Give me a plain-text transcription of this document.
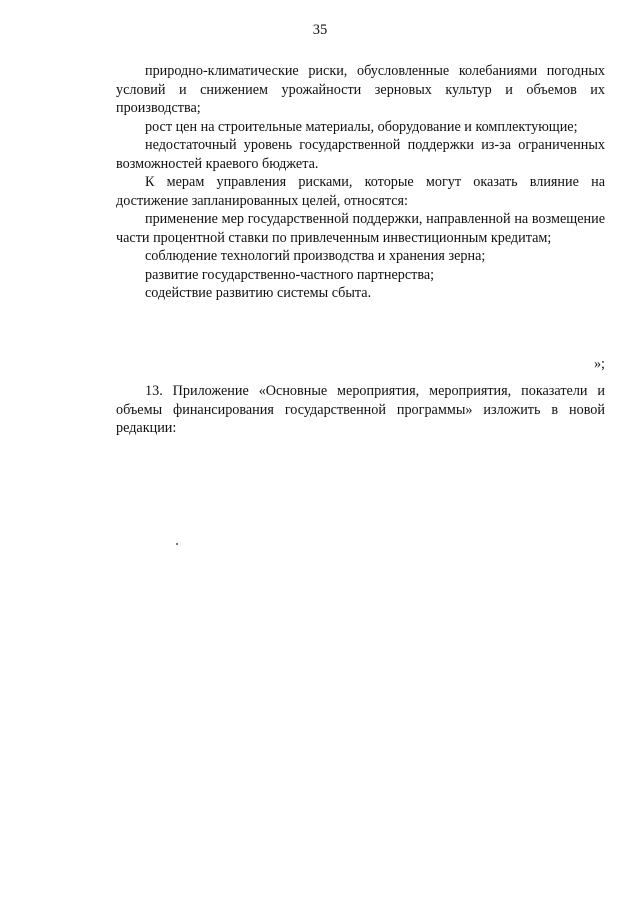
35

природно-климатические риски, обусловленные колебаниями погодных условий и снижением урожайности зерновых культур и объемов их производства;

рост цен на строительные материалы, оборудование и комплектующие;

недостаточный уровень государственной поддержки из-за ограниченных возможностей краевого бюджета.

К мерам управления рисками, которые могут оказать влияние на достижение запланированных целей, относятся:

применение мер государственной поддержки, направленной на возмещение части процентной ставки по привлеченным инвестиционным кредитам;

соблюдение технологий производства и хранения зерна;

развитие государственно-частного партнерства;

содействие развитию системы сбыта.

»;

13. Приложение «Основные мероприятия, мероприятия, показатели и объемы финансирования государственной программы» изложить в новой редакции:
